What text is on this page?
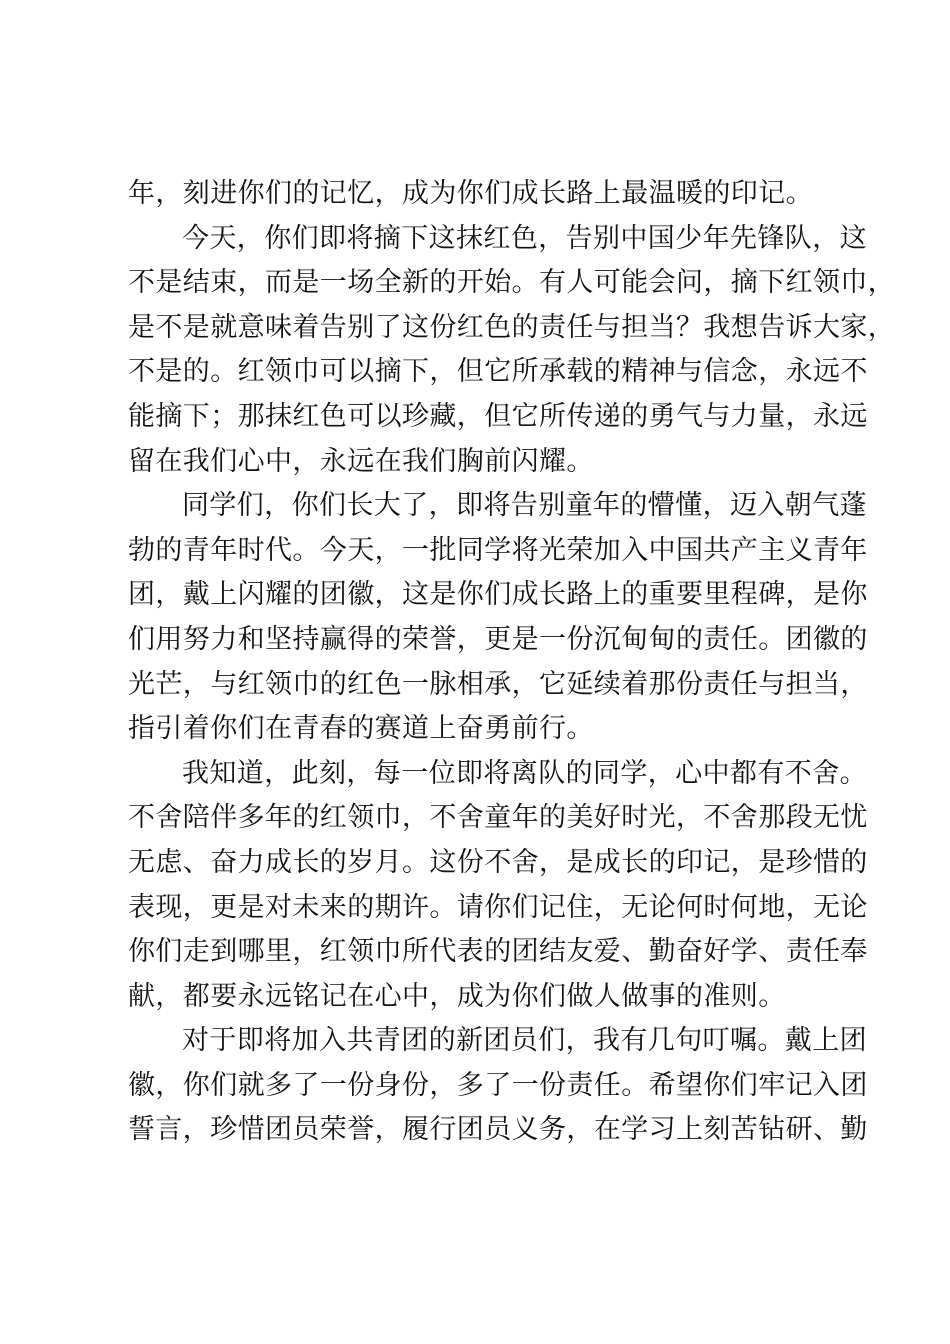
年，刻进你们的记忆，成为你们成长路上最温暖的印记。
今天，你们即将摘下这抹红色，告别中国少年先锋队，这
不是结束，而是一场全新的开始。有人可能会问，摘下红领巾，
是不是就意味着告别了这份红色的责任与担当？我想告诉大家，
不是的。红领巾可以摘下，但它所承载的精神与信念，永远不
能摘下；那抹红色可以珍藏，但它所传递的勇气与力量，永远
留在我们心中，永远在我们胸前闪耀。
同学们，你们长大了，即将告别童年的懵懂，迈入朝气蓬
勃的青年时代。今天，一批同学将光荣加入中国共产主义青年
团，戴上闪耀的团徽，这是你们成长路上的重要里程碑，是你
们用努力和坚持赢得的荣誉，更是一份沉甸甸的责任。团徽的
光芒，与红领巾的红色一脉相承，它延续着那份责任与担当，
指引着你们在青春的赛道上奋勇前行。
我知道，此刻，每一位即将离队的同学，心中都有不舍。
不舍陪伴多年的红领巾，不舍童年的美好时光，不舍那段无忧
无虑、奋力成长的岁月。这份不舍，是成长的印记，是珍惜的
表现，更是对未来的期许。请你们记住，无论何时何地，无论
你们走到哪里，红领巾所代表的团结友爱、勤奋好学、责任奉
献，都要永远铭记在心中，成为你们做人做事的准则。
对于即将加入共青团的新团员们，我有几句叮嘱。戴上团
徽，你们就多了一份身份，多了一份责任。希望你们牢记入团
誓言，珍惜团员荣誉，履行团员义务，在学习上刻苦钻研、勤
